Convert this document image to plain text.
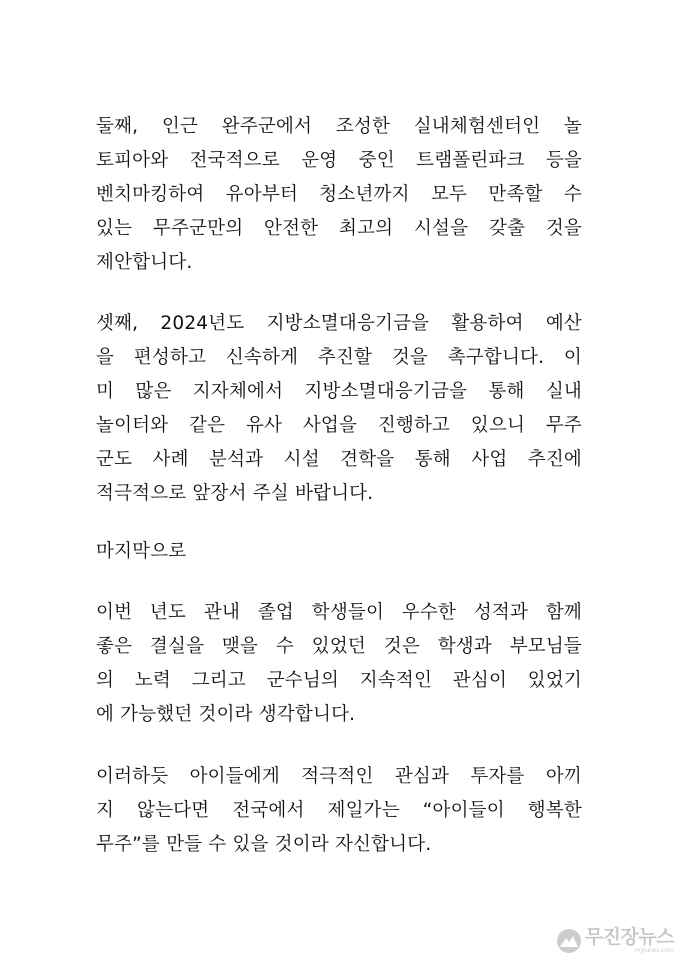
둘째, 인근 완주군에서 조성한 실내체험센터인 놀
토피아와 전국적으로 운영 중인 트램폴린파크 등을
벤치마킹하여 유아부터 청소년까지 모두 만족할 수
있는 무주군만의 안전한 최고의 시설을 갖출 것을
제안합니다.
셋째, 2024년도 지방소멸대응기금을 활용하여 예산
을 편성하고 신속하게 추진할 것을 촉구합니다. 이
미 많은 지자체에서 지방소멸대응기금을 통해 실내
놀이터와 같은 유사 사업을 진행하고 있으니 무주
군도 사례 분석과 시설 견학을 통해 사업 추진에
적극적으로 앞장서 주실 바랍니다.
마지막으로
이번 년도 관내 졸업 학생들이 우수한 성적과 함께
좋은 결실을 맺을 수 있었던 것은 학생과 부모님들
의 노력 그리고 군수님의 지속적인 관심이 있었기
에 가능했던 것이라 생각합니다.
이러하듯 아이들에게 적극적인 관심과 투자를 아끼
지 않는다면 전국에서 제일가는 “아이들이 행복한
무주”를 만들 수 있을 것이라 자신합니다.
무진장뉴스
mjjnews.com
